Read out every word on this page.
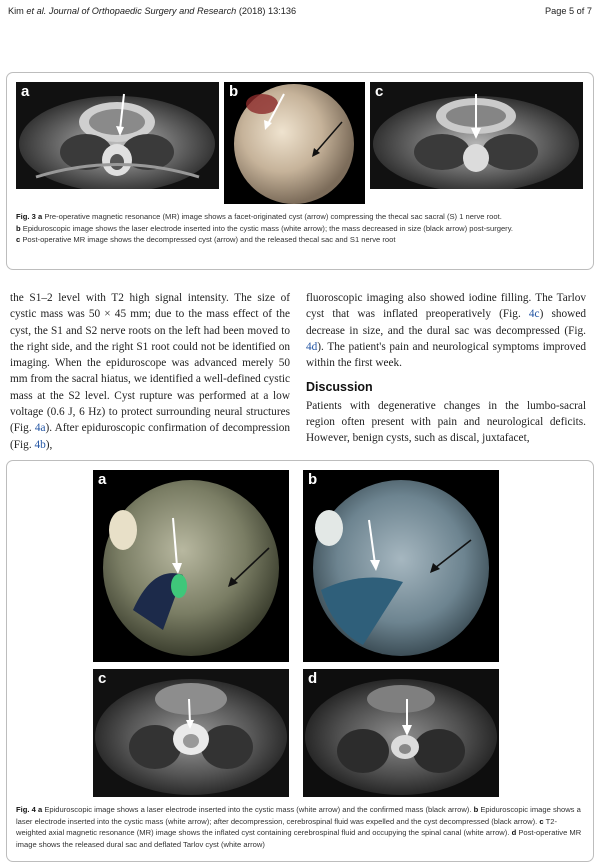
Kim et al. Journal of Orthopaedic Surgery and Research (2018) 13:136	Page 5 of 7
a	b	c
Fig. 3 a Pre-operative magnetic resonance (MR) image shows a facet-originated cyst (arrow) compressing the thecal sac sacral (S) 1 nerve root.
b Epiduroscopic image shows the laser electrode inserted into the cystic mass (white arrow); the mass decreased in size (black arrow) post-surgery.
c Post-operative MR image shows the decompressed cyst (arrow) and the released thecal sac and S1 nerve root

the S1–2 level with T2 high signal intensity. The size of cystic mass was 50 × 45 mm; due to the mass effect of the cyst, the S1 and S2 nerve roots on the left had been moved to the right side, and the right S1 root could not be identified on imaging. When the epiduroscope was advanced merely 50 mm from the sacral hiatus, we identified a well-defined cystic mass at the S2 level. Cyst rupture was performed at a low voltage (0.6 J, 6 Hz) to protect surrounding neural structures (Fig. 4a). After epiduroscopic confirmation of decompression (Fig. 4b),

fluoroscopic imaging also showed iodine filling. The Tarlov cyst that was inflated preoperatively (Fig. 4c) showed decrease in size, and the dural sac was decompressed (Fig. 4d). The patient's pain and neurological symptoms improved within the first week.

Discussion

Patients with degenerative changes in the lumbo-sacral region often present with pain and neurological deficits. However, benign cysts, such as discal, juxtafacet,

a	b
c	d
Fig. 4 a Epiduroscopic image shows a laser electrode inserted into the cystic mass (white arrow) and the confirmed mass (black arrow). b Epiduroscopic image shows a laser electrode inserted into the cystic mass (white arrow); after decompression, cerebrospinal fluid was expelled and the cyst decompressed (black arrow). c T2-weighted axial magnetic resonance (MR) image shows the inflated cyst containing cerebrospinal fluid and occupying the spinal canal (white arrow). d Post-operative MR image shows the released dural sac and deflated Tarlov cyst (white arrow)
